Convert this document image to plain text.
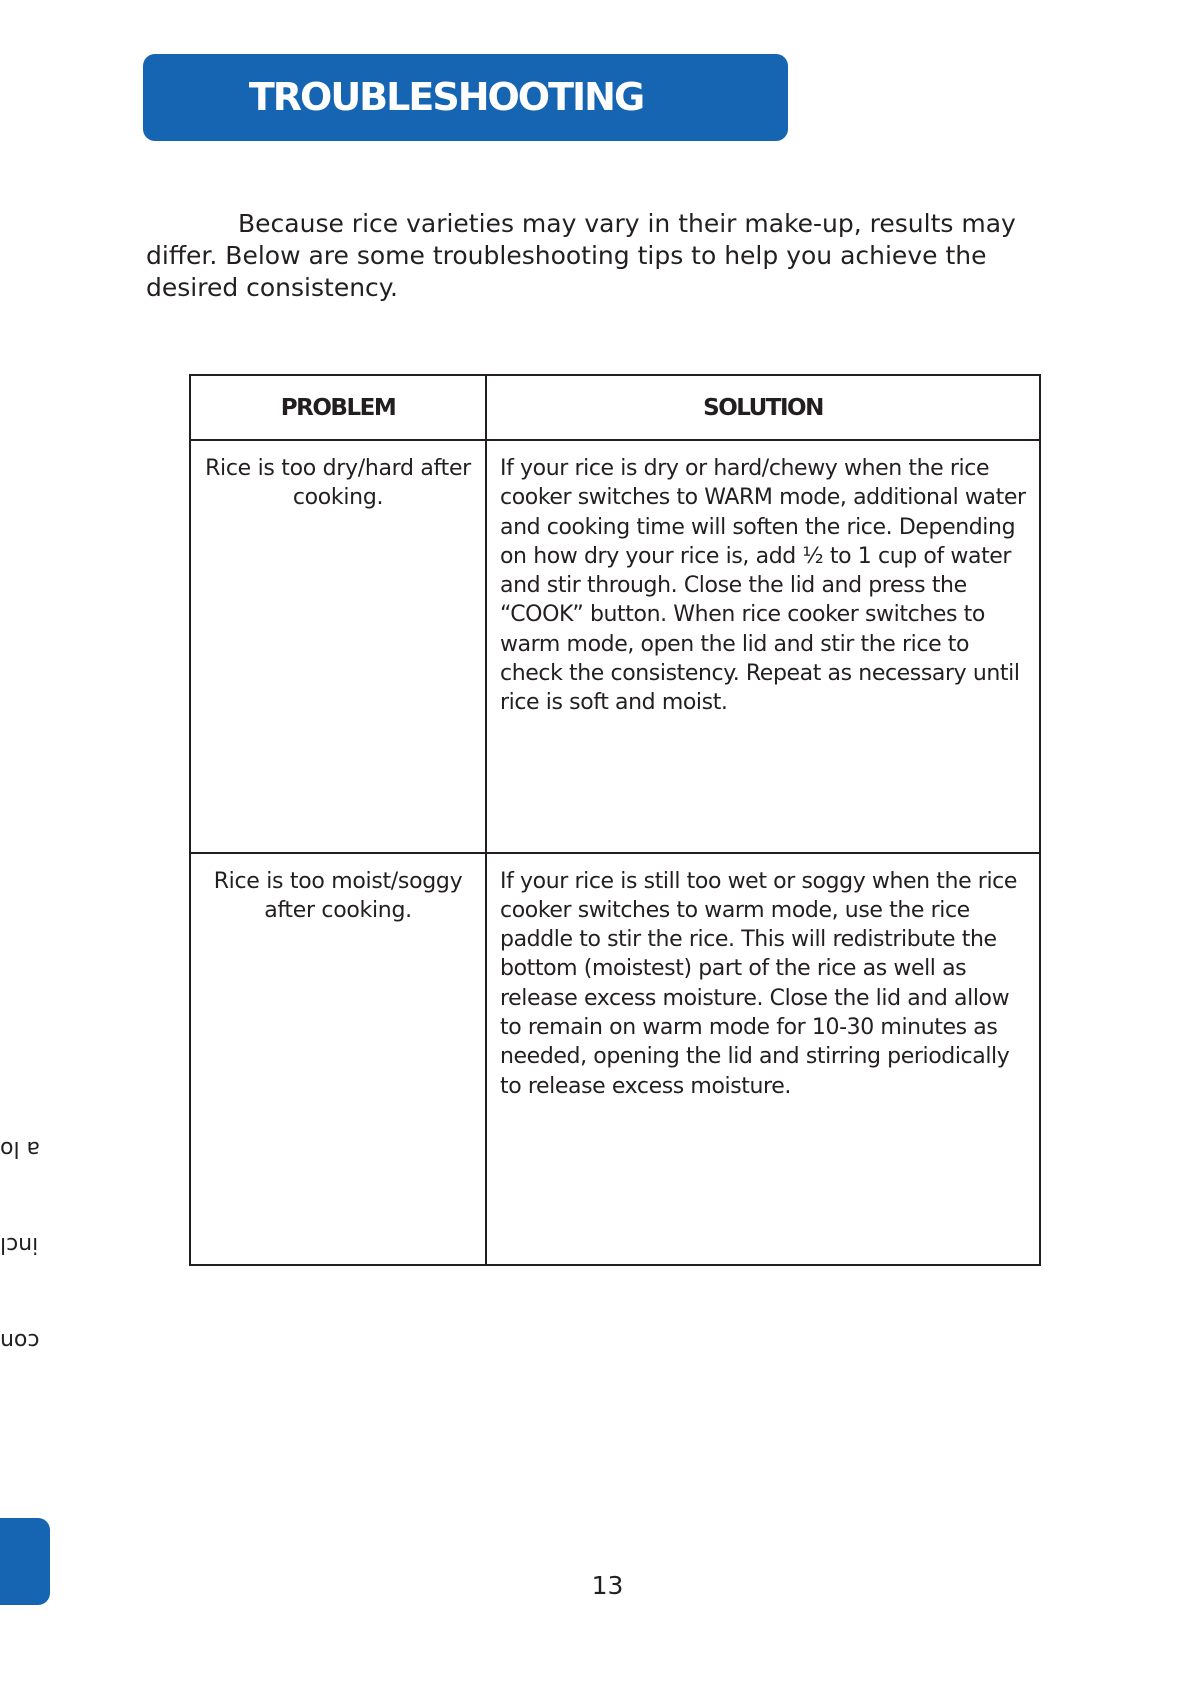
TROUBLESHOOTING

Because rice varieties may vary in their make-up, results may differ. Below are some troubleshooting tips to help you achieve the desired consistency.

PROBLEM	SOLUTION

Rice is too dry/hard after cooking.	If your rice is dry or hard/chewy when the rice cooker switches to WARM mode, additional water and cooking time will soften the rice. Depending on how dry your rice is, add ½ to 1 cup of water and stir through. Close the lid and press the “COOK” button. When rice cooker switches to warm mode, open the lid and stir the rice to check the consistency. Repeat as necessary until rice is soft and moist.

Rice is too moist/soggy after cooking.	If your rice is still too wet or soggy when the rice cooker switches to warm mode, use the rice paddle to stir the rice. This will redistribute the bottom (moistest) part of the rice as well as release excess moisture. Close the lid and allow to remain on warm mode for 10-30 minutes as needed, opening the lid and stirring periodically to release excess moisture.

con

incl

a lo

13
